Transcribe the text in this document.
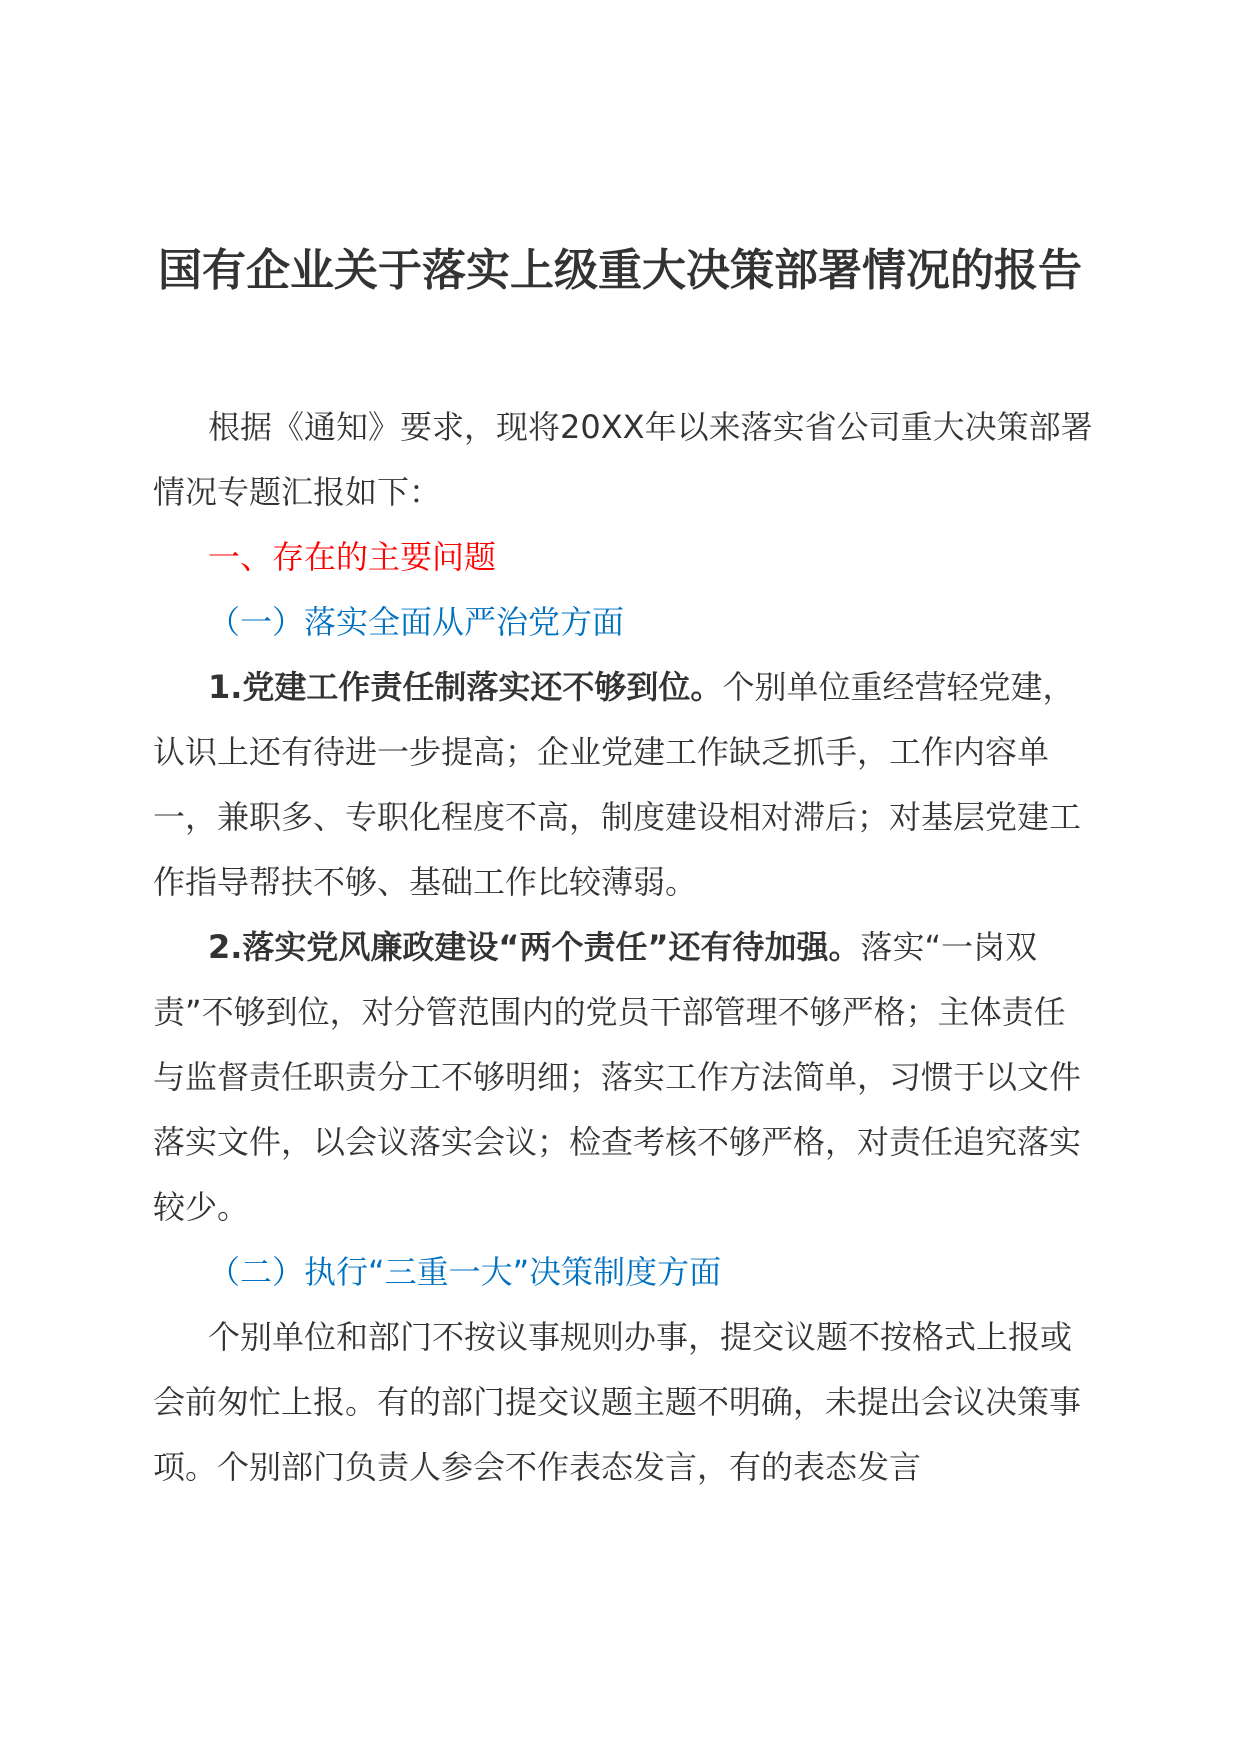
国有企业关于落实上级重大决策部署情况的报告

根据《通知》要求，现将20XX年以来落实省公司重大决策部署情况专题汇报如下：

一、存在的主要问题

（一）落实全面从严治党方面

1.党建工作责任制落实还不够到位。个别单位重经营轻党建，认识上还有待进一步提高；企业党建工作缺乏抓手，工作内容单一，兼职多、专职化程度不高，制度建设相对滞后；对基层党建工作指导帮扶不够、基础工作比较薄弱。

2.落实党风廉政建设“两个责任”还有待加强。落实“一岗双责”不够到位，对分管范围内的党员干部管理不够严格；主体责任与监督责任职责分工不够明细；落实工作方法简单，习惯于以文件落实文件，以会议落实会议；检查考核不够严格，对责任追究落实较少。

（二）执行“三重一大”决策制度方面

个别单位和部门不按议事规则办事，提交议题不按格式上报或会前匆忙上报。有的部门提交议题主题不明确，未提出会议决策事项。个别部门负责人参会不作表态发言，有的表态发言
